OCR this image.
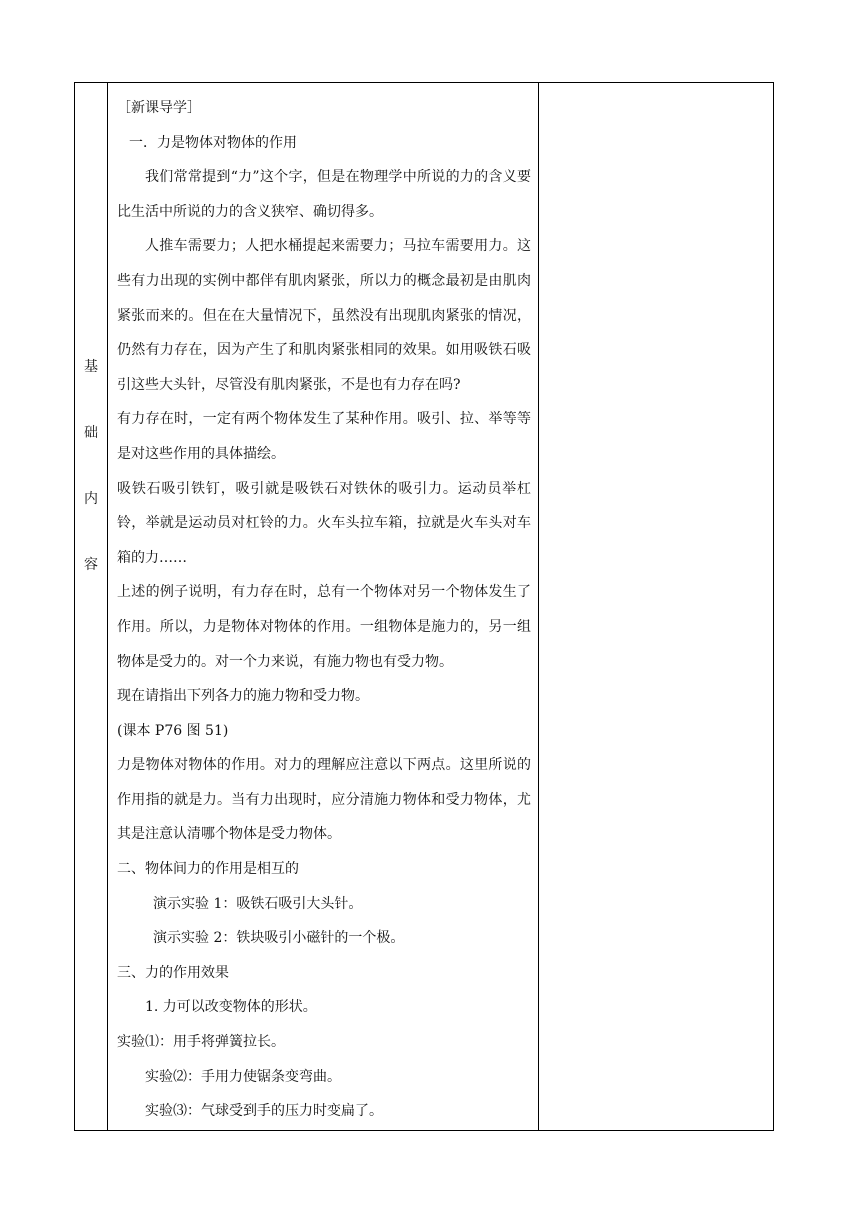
基
础
内
容

［新课导学］

一．力是物体对物体的作用

我们常常提到“力”这个字，但是在物理学中所说的力的含义要比生活中所说的力的含义狭窄、确切得多。

人推车需要力；人把水桶提起来需要力；马拉车需要用力。这些有力出现的实例中都伴有肌肉紧张，所以力的概念最初是由肌肉紧张而来的。但在在大量情况下，虽然没有出现肌肉紧张的情况，仍然有力存在，因为产生了和肌肉紧张相同的效果。如用吸铁石吸引这些大头针，尽管没有肌肉紧张，不是也有力存在吗?

有力存在时，一定有两个物体发生了某种作用。吸引、拉、举等等是对这些作用的具体描绘。

吸铁石吸引铁钉，吸引就是吸铁石对铁休的吸引力。运动员举杠铃，举就是运动员对杠铃的力。火车头拉车箱，拉就是火车头对车箱的力……

上述的例子说明，有力存在时，总有一个物体对另一个物体发生了作用。所以，力是物体对物体的作用。一组物体是施力的，另一组物体是受力的。对一个力来说，有施力物也有受力物。

现在请指出下列各力的施力物和受力物。

(课本 P76 图 51)

力是物体对物体的作用。对力的理解应注意以下两点。这里所说的作用指的就是力。当有力出现时，应分清施力物体和受力物体，尤其是注意认清哪个物体是受力物体。

二、物体间力的作用是相互的

演示实验 1：吸铁石吸引大头针。

演示实验 2：铁块吸引小磁针的一个极。

三、力的作用效果

1. 力可以改变物体的形状。

实验⑴：用手将弹簧拉长。

实验⑵：手用力使锯条变弯曲。

实验⑶：气球受到手的压力时变扁了。
